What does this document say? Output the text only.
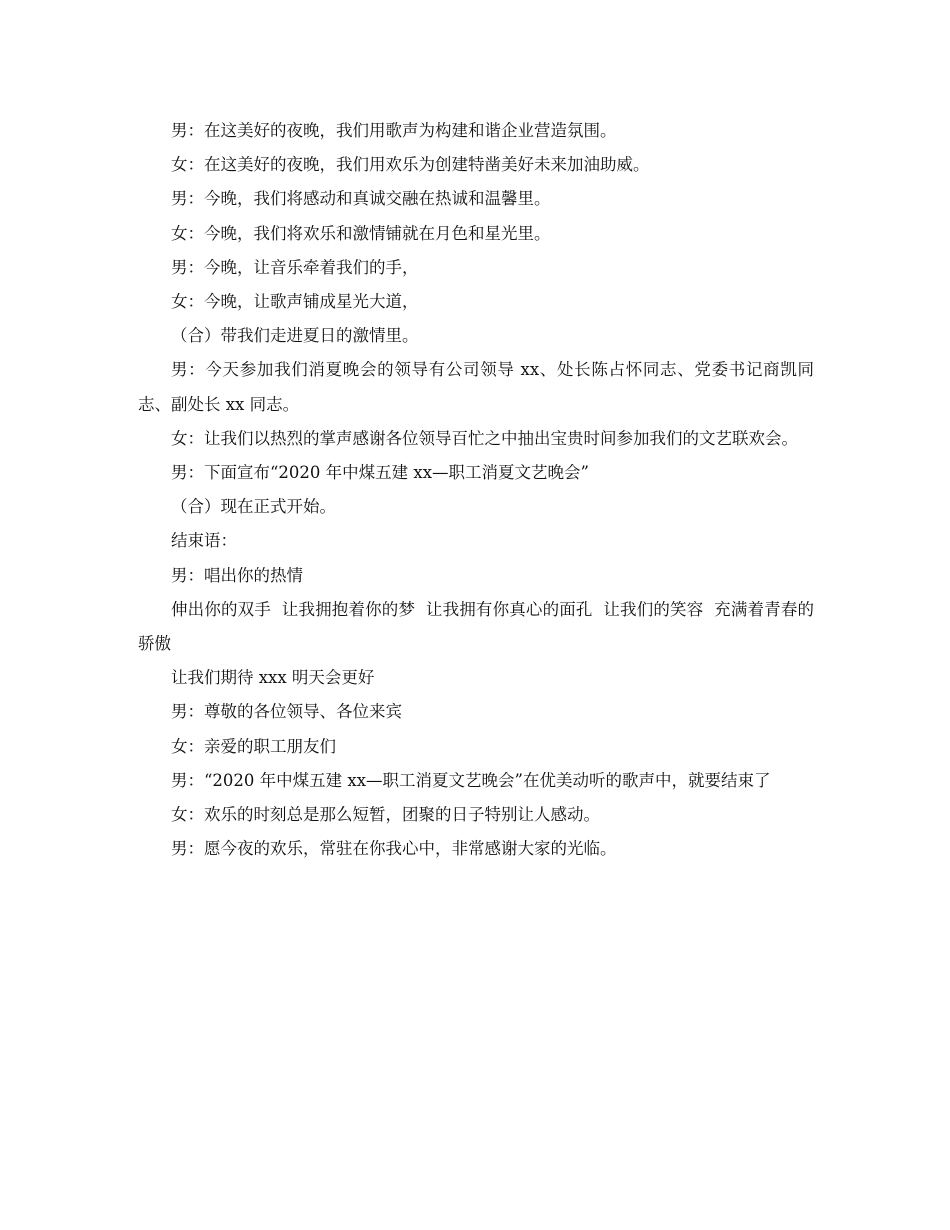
男：在这美好的夜晚，我们用歌声为构建和谐企业营造氛围。

女：在这美好的夜晚，我们用欢乐为创建特凿美好未来加油助威。

男：今晚，我们将感动和真诚交融在热诚和温馨里。

女：今晚，我们将欢乐和激情铺就在月色和星光里。

男：今晚，让音乐牵着我们的手，

女：今晚，让歌声铺成星光大道，

（合）带我们走进夏日的激情里。

男：今天参加我们消夏晚会的领导有公司领导 xx、处长陈占怀同志、党委书记商凯同志、副处长 xx 同志。

女：让我们以热烈的掌声感谢各位领导百忙之中抽出宝贵时间参加我们的文艺联欢会。

男：下面宣布“2020 年中煤五建 xx—职工消夏文艺晚会”

（合）现在正式开始。

结束语：

男：唱出你的热情

伸出你的双手  让我拥抱着你的梦  让我拥有你真心的面孔  让我们的笑容  充满着青春的骄傲

让我们期待 xxx 明天会更好

男：尊敬的各位领导、各位来宾

女：亲爱的职工朋友们

男：“2020 年中煤五建 xx—职工消夏文艺晚会”在优美动听的歌声中，就要结束了

女：欢乐的时刻总是那么短暂，团聚的日子特别让人感动。

男：愿今夜的欢乐，常驻在你我心中，非常感谢大家的光临。
